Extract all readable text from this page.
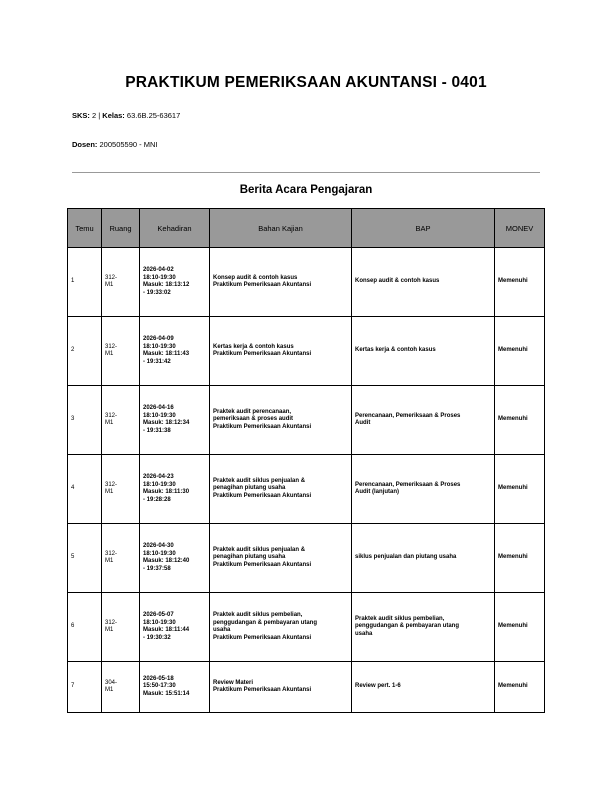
PRAKTIKUM PEMERIKSAAN AKUNTANSI - 0401
SKS: 2 | Kelas: 63.6B.25-63617
Dosen: 200505590 - MNI
Berita Acara Pengajaran
Temu	Ruang	Kehadiran	Bahan Kajian	BAP	MONEV
1	312-
M1	2026-04-02
18:10-19:30
Masuk: 18:13:12
- 19:33:02	Konsep audit & contoh kasus
Praktikum Pemeriksaan Akuntansi	Konsep audit & contoh kasus	Memenuhi
2	312-
M1	2026-04-09
18:10-19:30
Masuk: 18:11:43
- 19:31:42	Kertas kerja & contoh kasus
Praktikum Pemeriksaan Akuntansi	Kertas kerja & contoh kasus	Memenuhi
3	312-
M1	2026-04-16
18:10-19:30
Masuk: 18:12:34
- 19:31:38	Praktek audit perencanaan,
pemeriksaan & proses audit
Praktikum Pemeriksaan Akuntansi	Perencanaan, Pemeriksaan & Proses
Audit	Memenuhi
4	312-
M1	2026-04-23
18:10-19:30
Masuk: 18:11:30
- 19:28:28	Praktek audit siklus penjualan &
penagihan piutang usaha
Praktikum Pemeriksaan Akuntansi	Perencanaan, Pemeriksaan & Proses
Audit (lanjutan)	Memenuhi
5	312-
M1	2026-04-30
18:10-19:30
Masuk: 18:12:40
- 19:37:58	Praktek audit siklus penjualan &
penagihan piutang usaha
Praktikum Pemeriksaan Akuntansi	siklus penjualan dan piutang usaha	Memenuhi
6	312-
M1	2026-05-07
18:10-19:30
Masuk: 18:11:44
- 19:30:32	Praktek audit siklus pembelian,
penggudangan & pembayaran utang
usaha
Praktikum Pemeriksaan Akuntansi	Praktek audit siklus pembelian,
penggudangan & pembayaran utang
usaha	Memenuhi
7	304-
M1	2026-05-18
15:50-17:30
Masuk: 15:51:14	Review Materi
Praktikum Pemeriksaan Akuntansi	Review pert. 1-6	Memenuhi
